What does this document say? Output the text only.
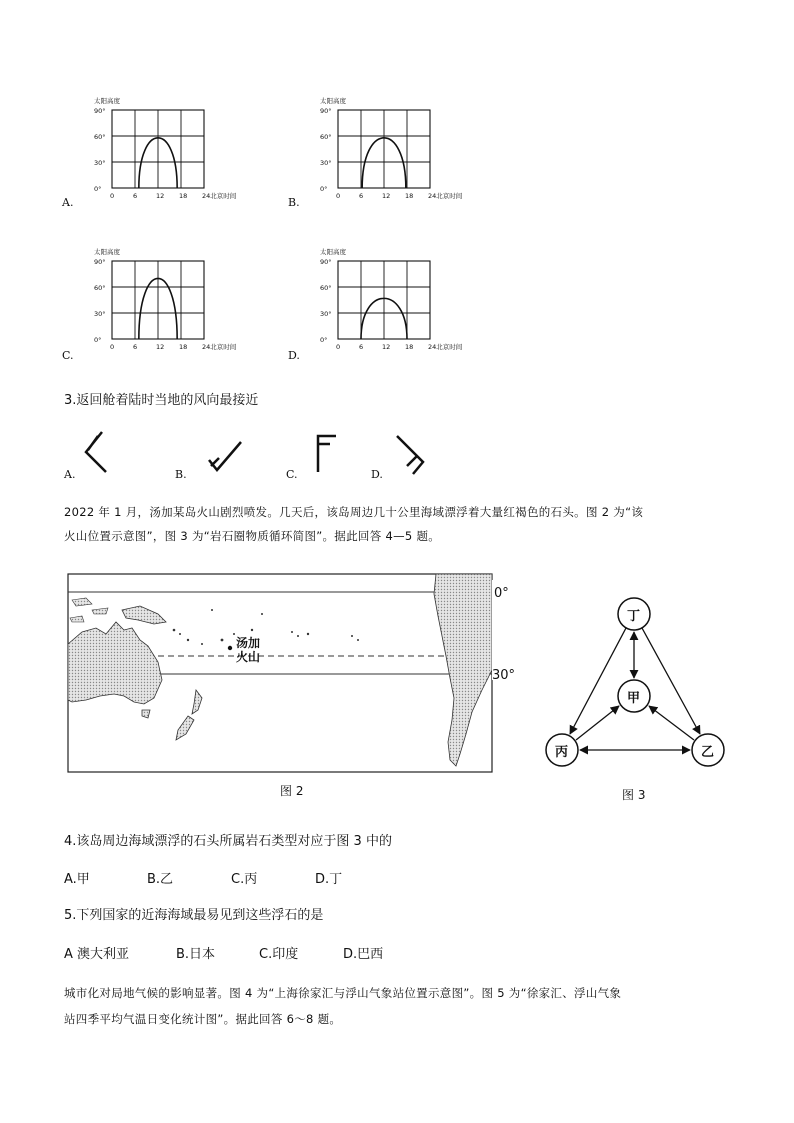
A.
太阳高度
90°
60°
30°
0°
0	6	12 18 24北京时间	B.
太阳高度
90°
60°
30°
0°
0	6	12 18 24北京时间
C.
太阳高度
90°
60°
30°
0°
0	6	12 18 24北京时间
D.
太阳高度
90°
60°
30°
0°
0	6	12 18 24北京时间
3.返回舱着陆时当地的风向最接近
A.	B.	C.	D.
2022 年 1 月，汤加某岛火山剧烈喷发。几天后，该岛周边几十公里海域漂浮着大量红褐色的石头。图 2 为“该
火山位置示意图”，图 3 为“岩石圈物质循环简图”。据此回答 4—5 题。
汤加
火山
0°
30°
图 2
丁
甲
丙	乙
图 3
4.该岛周边海域漂浮的石头所属岩石类型对应于图 3 中的
A.甲	B.乙	C.丙	D.丁
5.下列国家的近海海域最易见到这些浮石的是
A 澳大利亚	B.日本	C.印度	D.巴西
城市化对局地气候的影响显著。图 4 为“上海徐家汇与浮山气象站位置示意图”。图 5 为“徐家汇、浮山气象
站四季平均气温日变化统计图”。据此回答 6～8 题。
